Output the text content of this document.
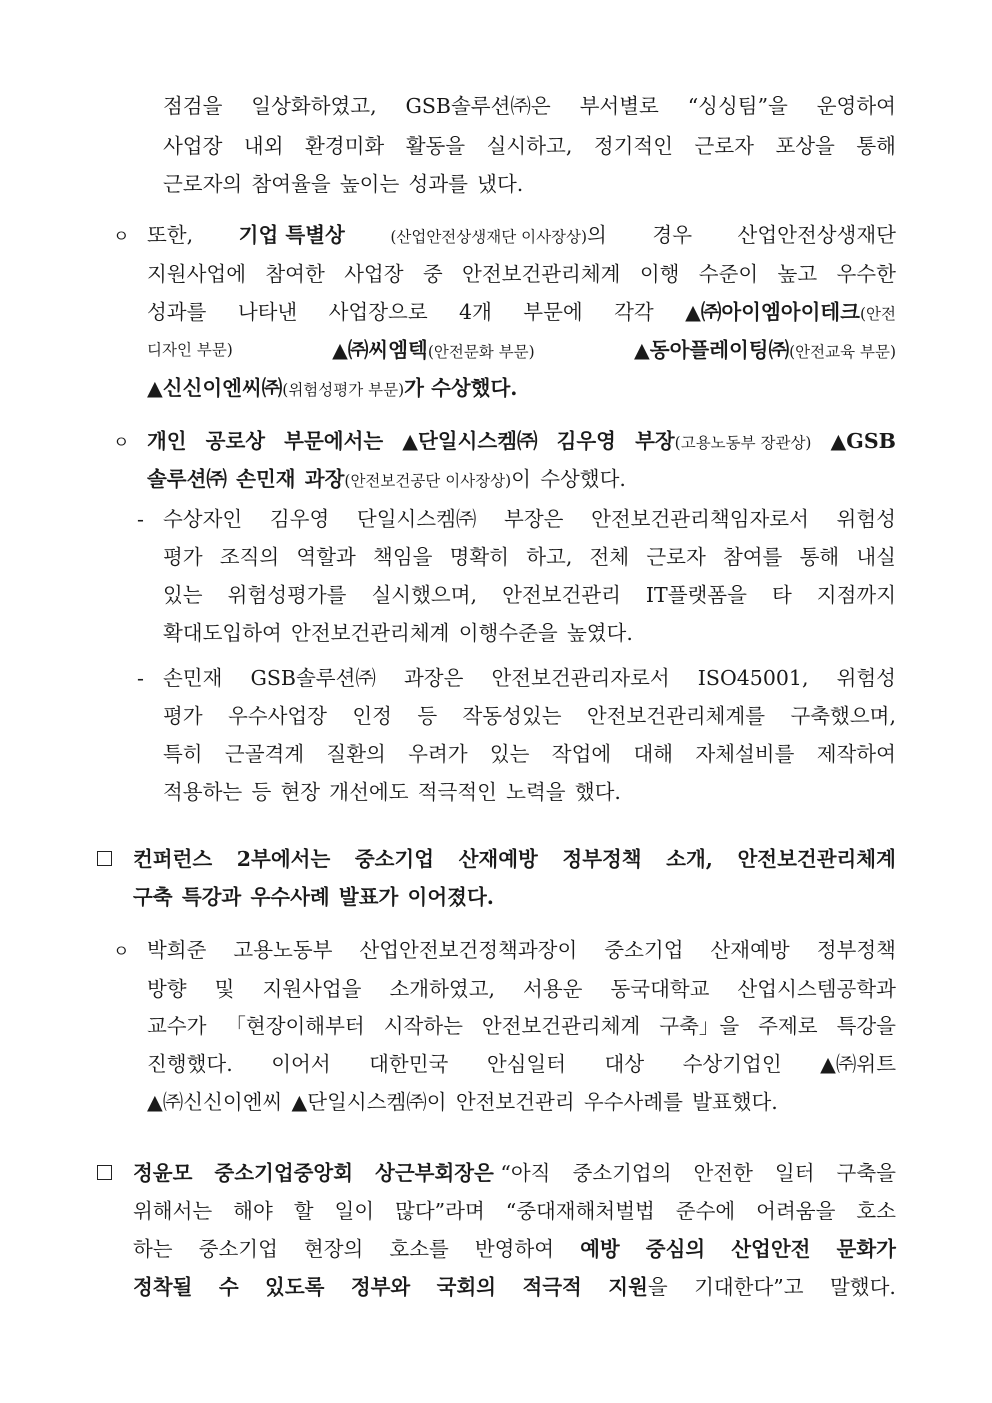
점검을 일상화하였고, GSB솔루션㈜은 부서별로 “싱싱팀”을 운영하여
사업장 내외 환경미화 활동을 실시하고, 정기적인 근로자 포상을 통해
근로자의 참여율을 높이는 성과를 냈다.
ㅇ 또한, 기업 특별상	(산업안전상생재단 이사장상)의 경우 산업안전상생재단
지원사업에 참여한 사업장 중 안전보건관리체계 이행 수준이 높고 우수한
성과를 나타낸 사업장으로 4개 부문에 각각 ▲㈜아이엠아이테크(안전
디자인 부문)	▲㈜씨엠텍(안전문화 부문)	▲동아플레이팅㈜(안전교육 부문)
▲신신이엔씨㈜(위험성평가 부문)가 수상했다.
ㅇ 개인 공로상 부문에서는 ▲단일시스켐㈜ 김우영 부장(고용노동부 장관상) ▲GSB
솔루션㈜ 손민재 과장(안전보건공단 이사장상)이 수상했다.
- 수상자인 김우영 단일시스켐㈜ 부장은 안전보건관리책임자로서 위험성
평가 조직의 역할과 책임을 명확히 하고, 전체 근로자 참여를 통해 내실
있는 위험성평가를 실시했으며, 안전보건관리 IT플랫폼을 타 지점까지
확대도입하여 안전보건관리체계 이행수준을 높였다.
- 손민재 GSB솔루션㈜ 과장은 안전보건관리자로서 ISO45001, 위험성
평가 우수사업장 인정 등 작동성있는 안전보건관리체계를 구축했으며,
특히 근골격계 질환의 우려가 있는 작업에 대해 자체설비를 제작하여
적용하는 등 현장 개선에도 적극적인 노력을 했다.
컨퍼런스 2부에서는 중소기업 산재예방 정부정책 소개, 안전보건관리체계
구축 특강과 우수사례 발표가 이어졌다.
ㅇ 박희준 고용노동부 산업안전보건정책과장이 중소기업 산재예방 정부정책
방향 및 지원사업을 소개하였고, 서용운 동국대학교 산업시스템공학과
교수가 「현장이해부터 시작하는 안전보건관리체계 구축」을 주제로 특강을
진행했다. 이어서 대한민국 안심일터 대상 수상기업인 ▲㈜위트
▲㈜신신이엔씨 ▲단일시스켐㈜이 안전보건관리 우수사례를 발표했다.
정윤모 중소기업중앙회 상근부회장은 “아직 중소기업의 안전한 일터 구축을
위해서는 해야 할 일이 많다”라며 “중대재해처벌법 준수에 어려움을 호소
하는 중소기업 현장의 호소를 반영하여 예방 중심의 산업안전 문화가
정착될 수 있도록 정부와 국회의 적극적 지원을 기대한다”고 말했다.
